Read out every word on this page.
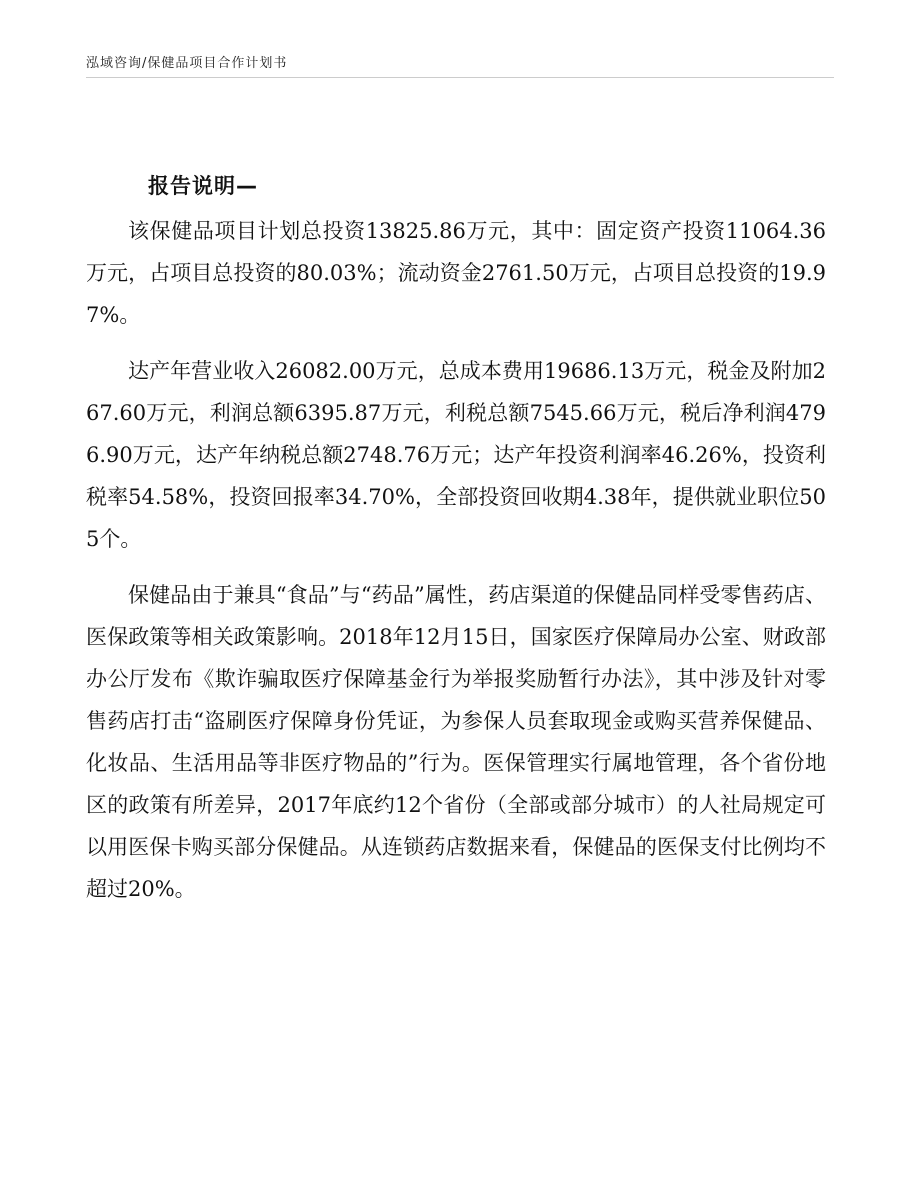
泓域咨询/保健品项目合作计划书
报告说明—

该保健品项目计划总投资13825.86万元，其中：固定资产投资11064.36万元，占项目总投资的80.03%；流动资金2761.50万元，占项目总投资的19.97%。

达产年营业收入26082.00万元，总成本费用19686.13万元，税金及附加267.60万元，利润总额6395.87万元，利税总额7545.66万元，税后净利润4796.90万元，达产年纳税总额2748.76万元；达产年投资利润率46.26%，投资利税率54.58%，投资回报率34.70%，全部投资回收期4.38年，提供就业职位505个。

保健品由于兼具“食品”与“药品”属性，药店渠道的保健品同样受零售药店、医保政策等相关政策影响。2018年12月15日，国家医疗保障局办公室、财政部办公厅发布《欺诈骗取医疗保障基金行为举报奖励暂行办法》，其中涉及针对零售药店打击“盗刷医疗保障身份凭证，为参保人员套取现金或购买营养保健品、化妆品、生活用品等非医疗物品的”行为。医保管理实行属地管理，各个省份地区的政策有所差异，2017年底约12个省份（全部或部分城市）的人社局规定可以用医保卡购买部分保健品。从连锁药店数据来看，保健品的医保支付比例均不超过20%。
